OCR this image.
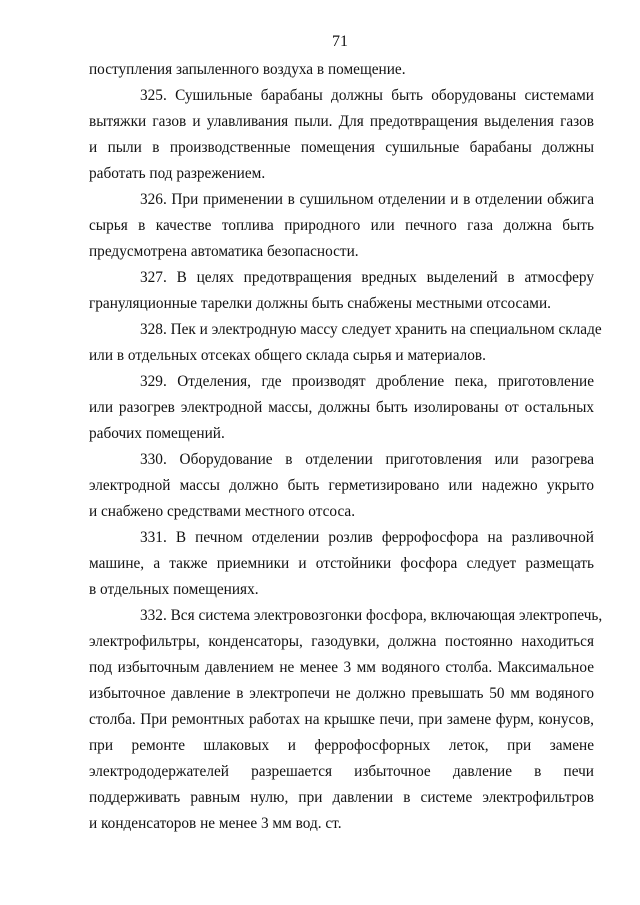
71
поступления запыленного воздуха в помещение.
325. Сушильные барабаны должны быть оборудованы системами
вытяжки газов и улавливания пыли. Для предотвращения выделения газов
и пыли в производственные помещения сушильные барабаны должны
работать под разрежением.
326. При применении в сушильном отделении и в отделении обжига
сырья в качестве топлива природного или печного газа должна быть
предусмотрена автоматика безопасности.
327. В целях предотвращения вредных выделений в атмосферу
грануляционные тарелки должны быть снабжены местными отсосами.
328. Пек и электродную массу следует хранить на специальном складе
или в отдельных отсеках общего склада сырья и материалов.
329. Отделения, где производят дробление пека, приготовление
или разогрев электродной массы, должны быть изолированы от остальных
рабочих помещений.
330. Оборудование в отделении приготовления или разогрева
электродной массы должно быть герметизировано или надежно укрыто
и снабжено средствами местного отсоса.
331. В печном отделении розлив феррофосфора на разливочной
машине, а также приемники и отстойники фосфора следует размещать
в отдельных помещениях.
332. Вся система электровозгонки фосфора, включающая электропечь,
электрофильтры, конденсаторы, газодувки, должна постоянно находиться
под избыточным давлением не менее 3 мм водяного столба. Максимальное
избыточное давление в электропечи не должно превышать 50 мм водяного
столба. При ремонтных работах на крышке печи, при замене фурм, конусов,
при ремонте шлаковых и феррофосфорных леток, при замене
электрододержателей разрешается избыточное давление в печи
поддерживать равным нулю, при давлении в системе электрофильтров
и конденсаторов не менее 3 мм вод. ст.
